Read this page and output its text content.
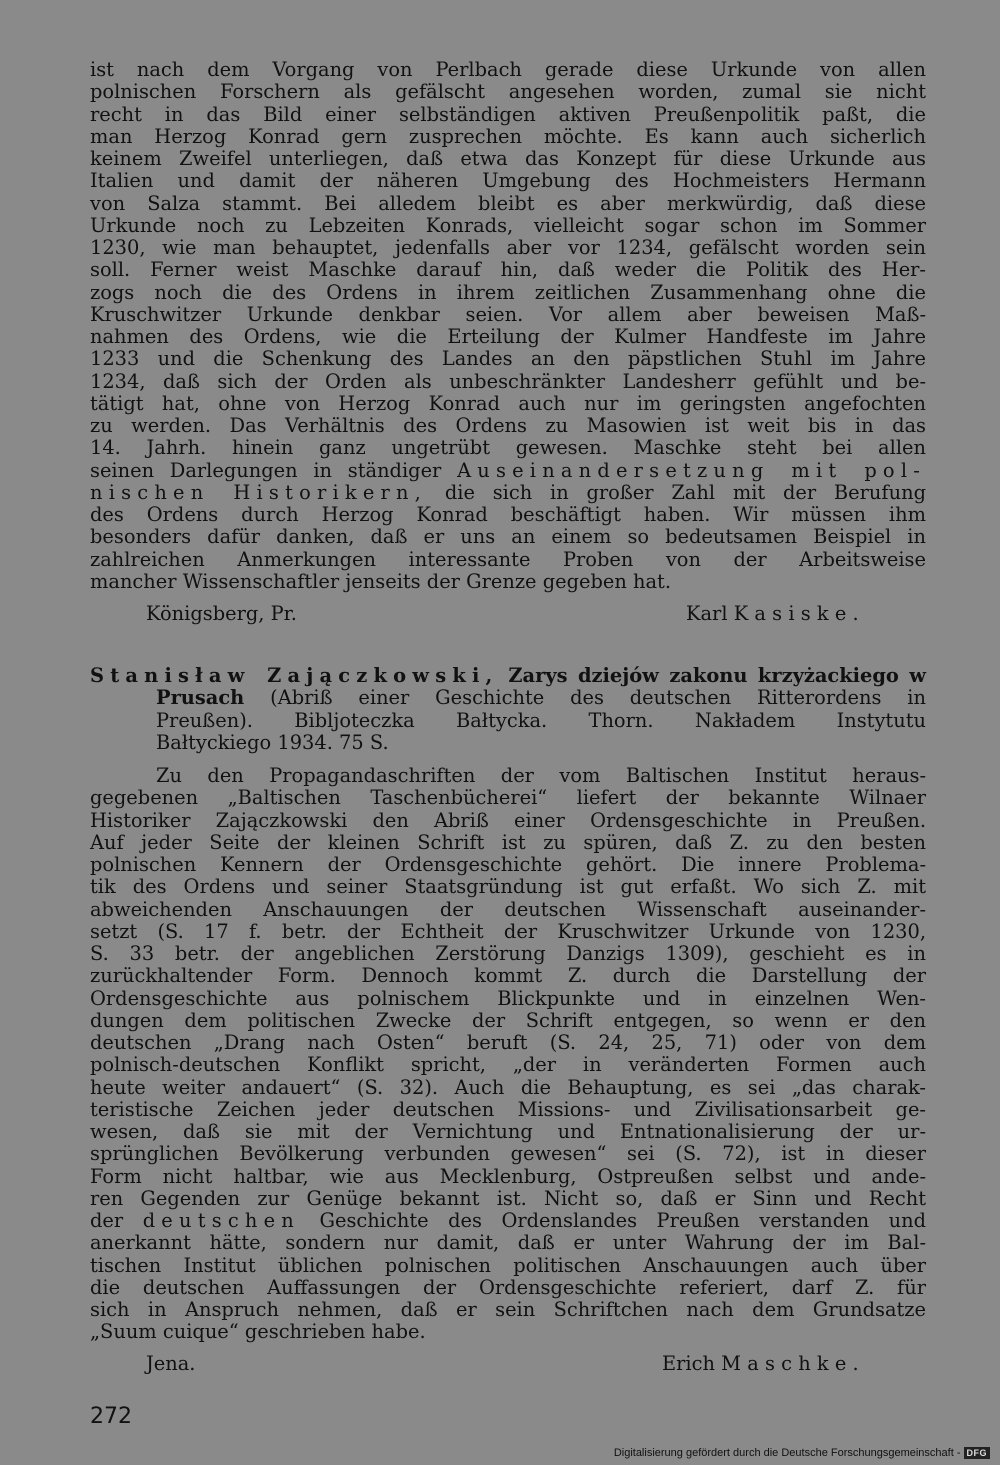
ist nach dem Vorgang von Perlbach gerade diese Urkunde von allen
polnischen Forschern als gefälscht angesehen worden, zumal sie nicht
recht in das Bild einer selbständigen aktiven Preußenpolitik paßt, die
man Herzog Konrad gern zusprechen möchte. Es kann auch sicherlich
keinem Zweifel unterliegen, daß etwa das Konzept für diese Urkunde aus
Italien und damit der näheren Umgebung des Hochmeisters Hermann
von Salza stammt. Bei alledem bleibt es aber merkwürdig, daß diese
Urkunde noch zu Lebzeiten Konrads, vielleicht sogar schon im Sommer
1230, wie man behauptet, jedenfalls aber vor 1234, gefälscht worden sein
soll. Ferner weist Maschke darauf hin, daß weder die Politik des Her-
zogs noch die des Ordens in ihrem zeitlichen Zusammenhang ohne die
Kruschwitzer Urkunde denkbar seien. Vor allem aber beweisen Maß-
nahmen des Ordens, wie die Erteilung der Kulmer Handfeste im Jahre
1233 und die Schenkung des Landes an den päpstlichen Stuhl im Jahre
1234, daß sich der Orden als unbeschränkter Landesherr gefühlt und be-
tätigt hat, ohne von Herzog Konrad auch nur im geringsten angefochten
zu werden. Das Verhältnis des Ordens zu Masowien ist weit bis in das
14. Jahrh. hinein ganz ungetrübt gewesen. Maschke steht bei allen
seinen Darlegungen in ständiger Auseinandersetzung mit pol-
nischen Historikern, die sich in großer Zahl mit der Berufung
des Ordens durch Herzog Konrad beschäftigt haben. Wir müssen ihm
besonders dafür danken, daß er uns an einem so bedeutsamen Beispiel in
zahlreichen Anmerkungen interessante Proben von der Arbeitsweise
mancher Wissenschaftler jenseits der Grenze gegeben hat.
Königsberg, Pr.	Karl Kasiske.
Stanisław Zajączkowski, Zarys dziejów zakonu krzyżackiego w
Prusach (Abriß einer Geschichte des deutschen Ritterordens in
Preußen). Bibljoteczka Bałtycka. Thorn. Nakładem Instytutu
Bałtyckiego 1934. 75 S.
Zu den Propagandaschriften der vom Baltischen Institut heraus-
gegebenen „Baltischen Taschenbücherei“ liefert der bekannte Wilnaer
Historiker Zajączkowski den Abriß einer Ordensgeschichte in Preußen.
Auf jeder Seite der kleinen Schrift ist zu spüren, daß Z. zu den besten
polnischen Kennern der Ordensgeschichte gehört. Die innere Problema-
tik des Ordens und seiner Staatsgründung ist gut erfaßt. Wo sich Z. mit
abweichenden Anschauungen der deutschen Wissenschaft auseinander-
setzt (S. 17 f. betr. der Echtheit der Kruschwitzer Urkunde von 1230,
S. 33 betr. der angeblichen Zerstörung Danzigs 1309), geschieht es in
zurückhaltender Form. Dennoch kommt Z. durch die Darstellung der
Ordensgeschichte aus polnischem Blickpunkte und in einzelnen Wen-
dungen dem politischen Zwecke der Schrift entgegen, so wenn er den
deutschen „Drang nach Osten“ beruft (S. 24, 25, 71) oder von dem
polnisch-deutschen Konflikt spricht, „der in veränderten Formen auch
heute weiter andauert“ (S. 32). Auch die Behauptung, es sei „das charak-
teristische Zeichen jeder deutschen Missions- und Zivilisationsarbeit ge-
wesen, daß sie mit der Vernichtung und Entnationalisierung der ur-
sprünglichen Bevölkerung verbunden gewesen“ sei (S. 72), ist in dieser
Form nicht haltbar, wie aus Mecklenburg, Ostpreußen selbst und ande-
ren Gegenden zur Genüge bekannt ist. Nicht so, daß er Sinn und Recht
der deutschen Geschichte des Ordenslandes Preußen verstanden und
anerkannt hätte, sondern nur damit, daß er unter Wahrung der im Bal-
tischen Institut üblichen polnischen politischen Anschauungen auch über
die deutschen Auffassungen der Ordensgeschichte referiert, darf Z. für
sich in Anspruch nehmen, daß er sein Schriftchen nach dem Grundsatze
„Suum cuique“ geschrieben habe.
Jena.	Erich Maschke.
272
Digitalisierung gefördert durch die Deutsche Forschungsgemeinschaft - DFG
